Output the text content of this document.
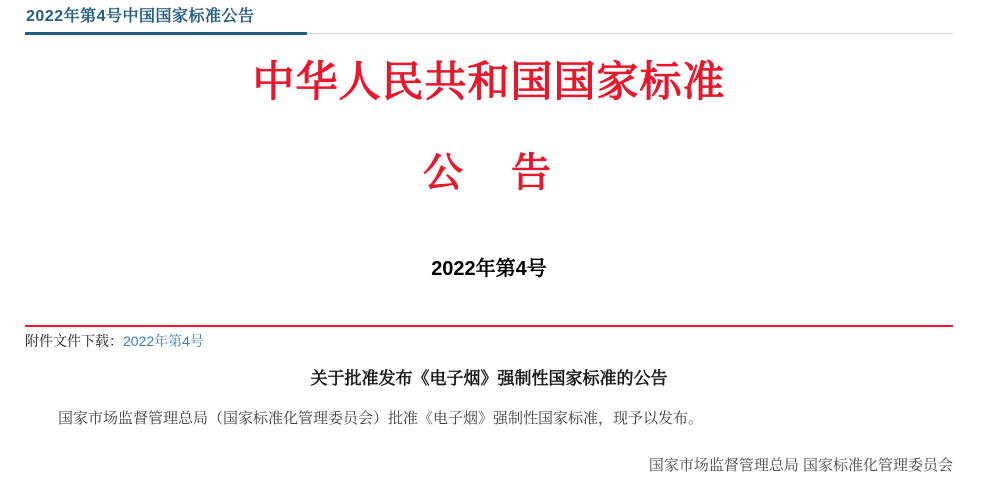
2022年第4号中国国家标准公告
中华人民共和国国家标准
公　告
2022年第4号
附件文件下载：2022年第4号
关于批准发布《电子烟》强制性国家标准的公告

国家市场监督管理总局（国家标准化管理委员会）批准《电子烟》强制性国家标准，现予以发布。

国家市场监督管理总局 国家标准化管理委员会
